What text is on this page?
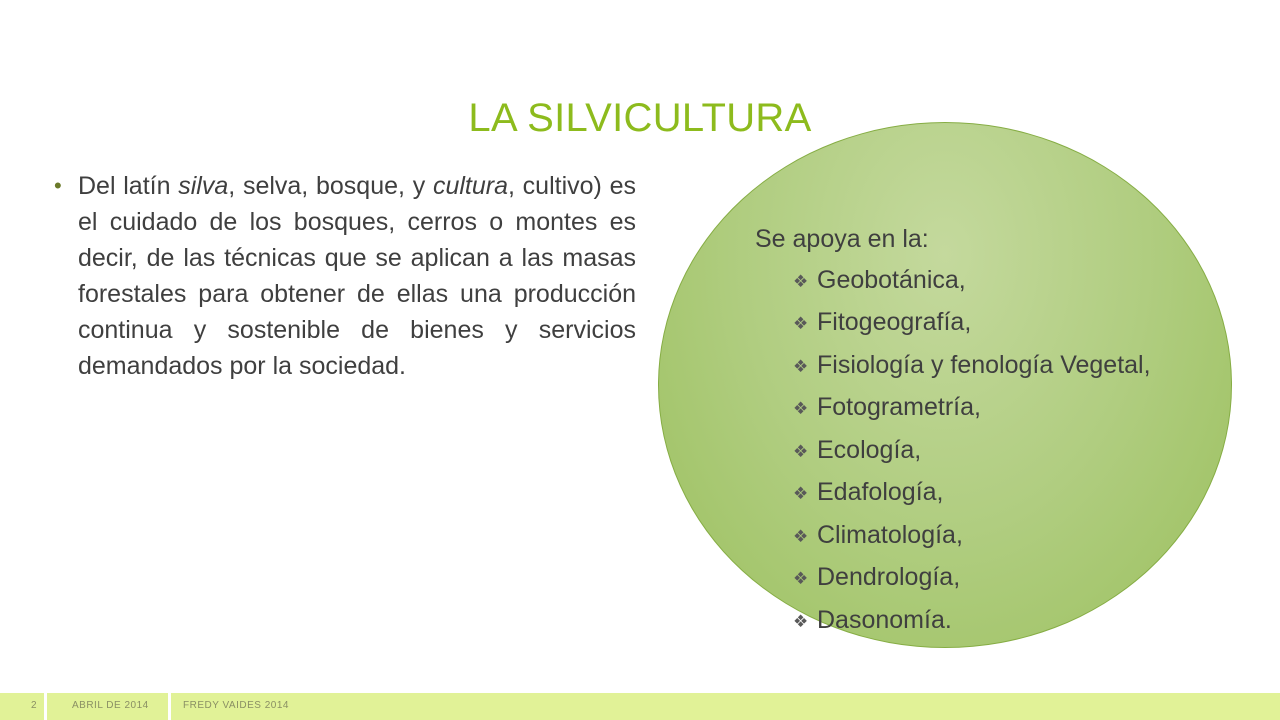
LA SILVICULTURA
• Del latín silva, selva, bosque, y cultura, cultivo) es el cuidado de los bosques, cerros o montes es decir, de las técnicas que se aplican a las masas forestales para obtener de ellas una producción continua y sostenible de bienes y servicios demandados por la sociedad.
Se apoya en la:
❖ Geobotánica,
❖ Fitogeografía,
❖ Fisiología y fenología Vegetal,
❖ Fotogrametría,
❖ Ecología,
❖ Edafología,
❖ Climatología,
❖ Dendrología,
❖ Dasonomía.
2	ABRIL DE 2014	FREDY VAIDES 2014
